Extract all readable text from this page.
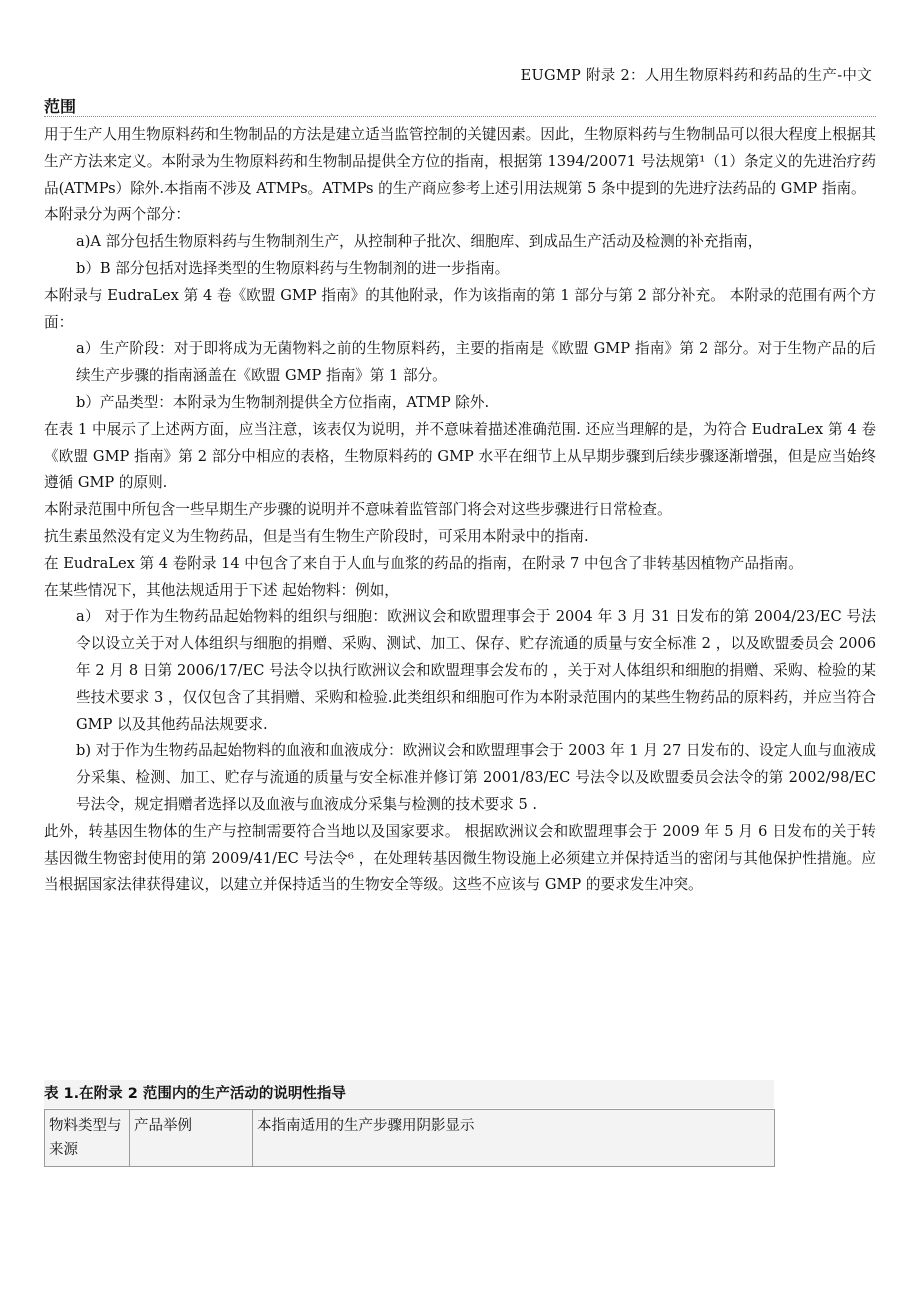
EUGMP 附录 2：人用生物原料药和药品的生产-中文
范围

用于生产人用生物原料药和生物制品的方法是建立适当监管控制的关键因素。因此，生物原料药与生物制品可以很大程度上根据其生产方法来定义。本附录为生物原料药和生物制品提供全方位的指南，根据第 1394/20071 号法规第¹（1）条定义的先进治疗药品(ATMPs）除外.本指南不涉及 ATMPs。ATMPs 的生产商应参考上述引用法规第 5 条中提到的先进疗法药品的 GMP 指南。

本附录分为两个部分：

a)A 部分包括生物原料药与生物制剂生产，从控制种子批次、细胞库、到成品生产活动及检测的补充指南，

b）B 部分包括对选择类型的生物原料药与生物制剂的进一步指南。

本附录与 EudraLex 第 4 卷《欧盟 GMP 指南》的其他附录，作为该指南的第 1 部分与第 2 部分补充。 本附录的范围有两个方面：

a）生产阶段：对于即将成为无菌物料之前的生物原料药，主要的指南是《欧盟 GMP 指南》第 2 部分。对于生物产品的后续生产步骤的指南涵盖在《欧盟 GMP 指南》第 1 部分。

b）产品类型：本附录为生物制剂提供全方位指南，ATMP 除外.

在表 1 中展示了上述两方面，应当注意，该表仅为说明，并不意味着描述准确范围. 还应当理解的是，为符合 EudraLex 第 4 卷《欧盟 GMP 指南》第 2 部分中相应的表格，生物原料药的 GMP 水平在细节上从早期步骤到后续步骤逐渐增强，但是应当始终遵循 GMP 的原则.

本附录范围中所包含一些早期生产步骤的说明并不意味着监管部门将会对这些步骤进行日常检查。

抗生素虽然没有定义为生物药品，但是当有生物生产阶段时，可采用本附录中的指南.

在 EudraLex 第 4 卷附录 14 中包含了来自于人血与血浆的药品的指南，在附录 7 中包含了非转基因植物产品指南。

在某些情况下，其他法规适用于下述 起始物料：例如，

a） 对于作为生物药品起始物料的组织与细胞：欧洲议会和欧盟理事会于 2004 年 3 月 31 日发布的第 2004/23/EC 号法令以设立关于对人体组织与细胞的捐赠、采购、测试、加工、保存、贮存流通的质量与安全标准 2 ，以及欧盟委员会 2006 年 2 月 8 日第 2006/17/EC 号法令以执行欧洲议会和欧盟理事会发布的 ，关于对人体组织和细胞的捐赠、采购、检验的某些技术要求 3 ，仅仅包含了其捐赠、采购和检验.此类组织和细胞可作为本附录范围内的某些生物药品的原料药，并应当符合 GMP 以及其他药品法规要求.

b) 对于作为生物药品起始物料的血液和血液成分：欧洲议会和欧盟理事会于 2003 年 1 月 27 日发布的、设定人血与血液成分采集、检测、加工、贮存与流通的质量与安全标准并修订第 2001/83/EC 号法令以及欧盟委员会法令的第 2002/98/EC 号法令，规定捐赠者选择以及血液与血液成分采集与检测的技术要求 5 .

此外，转基因生物体的生产与控制需要符合当地以及国家要求。 根据欧洲议会和欧盟理事会于 2009 年 5 月 6 日发布的关于转基因微生物密封使用的第 2009/41/EC 号法令⁶ ，在处理转基因微生物设施上必须建立并保持适当的密闭与其他保护性措施。应当根据国家法律获得建议，以建立并保持适当的生物安全等级。这些不应该与 GMP 的要求发生冲突。

表 1.在附录 2 范围内的生产活动的说明性指导
物料类型与来源	产品举例	本指南适用的生产步骤用阴影显示
